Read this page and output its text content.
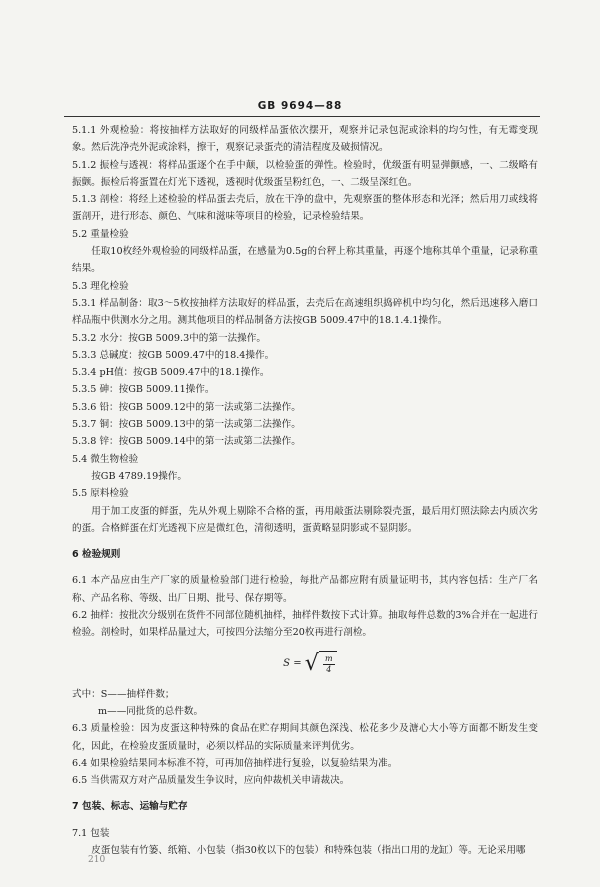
GB 9694—88

5.1.1 外观检验：将按抽样方法取好的同级样品蛋依次摆开，观察并记录包泥或涂料的均匀性，有无霉变现象。然后洗净壳外泥或涂料，擦干，观察记录蛋壳的清洁程度及破损情况。

5.1.2 振检与透视：将样品蛋逐个在手中颠，以检验蛋的弹性。检验时，优级蛋有明显弹颤感，一、二级略有振颤。振检后将蛋置在灯光下透视，透视时优级蛋呈粉红色，一、二级呈深红色。

5.1.3 剖检：将经上述检验的样品蛋去壳后，放在干净的盘中，先观察蛋的整体形态和光泽；然后用刀或线将蛋剖开，进行形态、颜色、气味和滋味等项目的检验，记录检验结果。

5.2 重量检验

任取10枚经外观检验的同级样品蛋，在感量为0.5g的台秤上称其重量，再逐个地称其单个重量，记录称重结果。

5.3 理化检验

5.3.1 样品制备：取3～5枚按抽样方法取好的样品蛋，去壳后在高速组织捣碎机中均匀化，然后迅速移入磨口样品瓶中供测水分之用。测其他项目的样品制备方法按GB 5009.47中的18.1.4.1操作。

5.3.2 水分：按GB 5009.3中的第一法操作。

5.3.3 总碱度：按GB 5009.47中的18.4操作。

5.3.4 pH值：按GB 5009.47中的18.1操作。

5.3.5 砷：按GB 5009.11操作。

5.3.6 铅：按GB 5009.12中的第一法或第二法操作。

5.3.7 铜：按GB 5009.13中的第一法或第二法操作。

5.3.8 锌：按GB 5009.14中的第一法或第二法操作。

5.4 微生物检验

按GB 4789.19操作。

5.5 原料检验

用于加工皮蛋的鲜蛋，先从外观上剔除不合格的蛋，再用敲蛋法剔除裂壳蛋，最后用灯照法除去内质次劣的蛋。合格鲜蛋在灯光透视下应是微红色，清彻透明，蛋黄略显阴影或不显阴影。

6 检验规则

6.1 本产品应由生产厂家的质量检验部门进行检验，每批产品都应附有质量证明书，其内容包括：生产厂名称、产品名称、等级、出厂日期、批号、保存期等。

6.2 抽样：按批次分级别在货件不同部位随机抽样，抽样件数按下式计算。抽取每件总数的3%合并在一起进行检验。剖检时，如果样品量过大，可按四分法缩分至20枚再进行剖检。

S
=
√ $\frac{m}{4}$

式中：S——抽样件数；

m——同批货的总件数。

6.3 质量检验：因为皮蛋这种特殊的食品在贮存期间其颜色深浅、松花多少及溏心大小等方面都不断发生变化，因此，在检验皮蛋质量时，必须以样品的实际质量来评判优劣。

6.4 如果检验结果同本标准不符，可再加倍抽样进行复验，以复验结果为准。

6.5 当供需双方对产品质量发生争议时，应向仲裁机关申请裁决。

7 包装、标志、运输与贮存

7.1 包装

皮蛋包装有竹篓、纸箱、小包装（指30枚以下的包装）和特殊包装（指出口用的龙缸）等。无论采用哪

210
